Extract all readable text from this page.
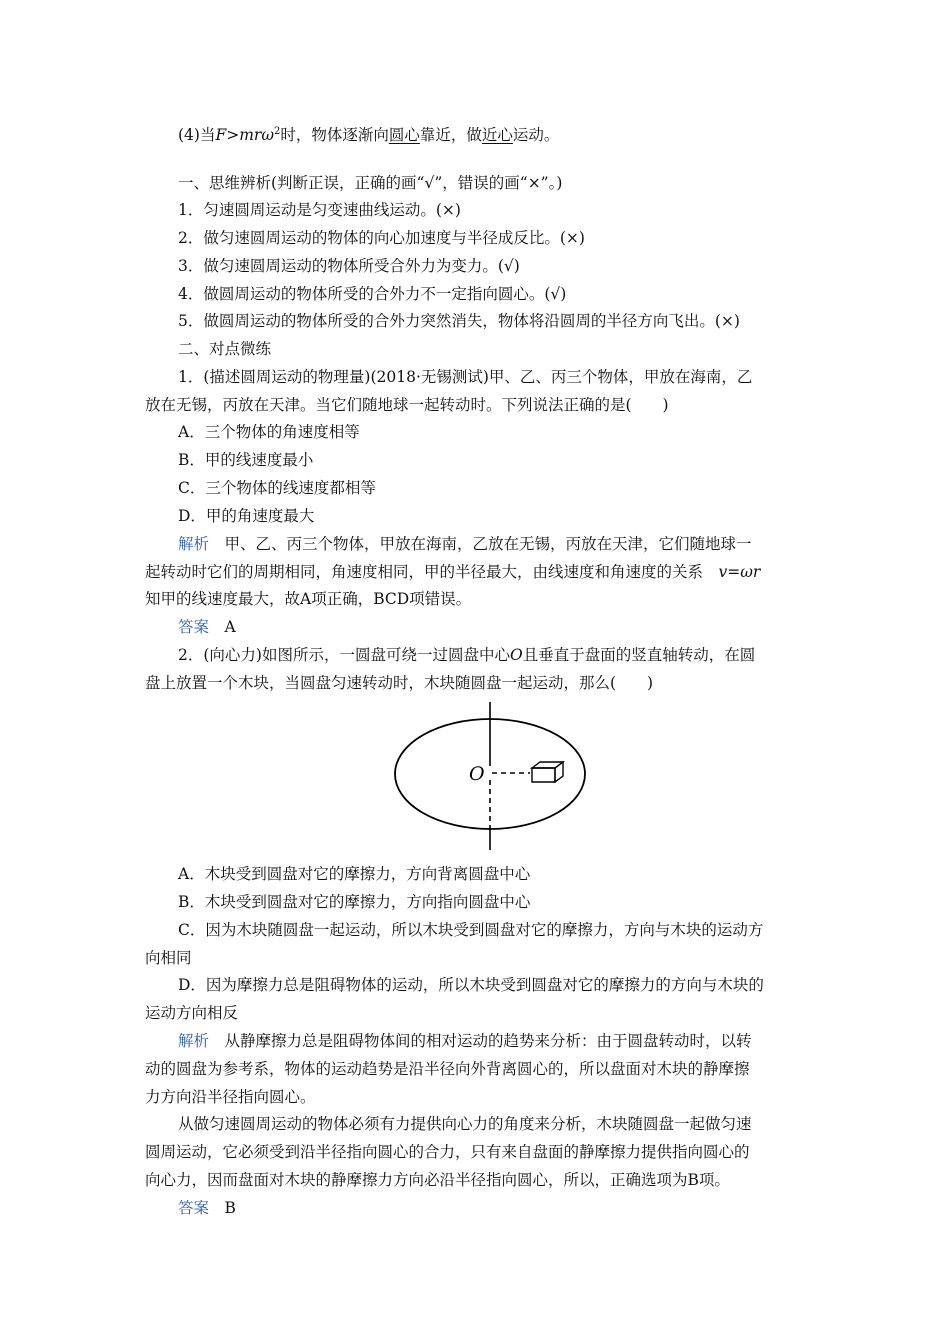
(4)当F>mrω$^2$时，物体逐渐向圆心靠近，做近心运动。
一、思维辨析(判断正误，正确的画“√”，错误的画“×”。)
1．匀速圆周运动是匀变速曲线运动。(×)
2．做匀速圆周运动的物体的向心加速度与半径成反比。(×)
3．做匀速圆周运动的物体所受合外力为变力。(√)
4．做圆周运动的物体所受的合外力不一定指向圆心。(√)
5．做圆周运动的物体所受的合外力突然消失，物体将沿圆周的半径方向飞出。(×)
二、对点微练
1．(描述圆周运动的物理量)(2018·无锡测试)甲、乙、丙三个物体，甲放在海南，乙
放在无锡，丙放在天津。当它们随地球一起转动时。下列说法正确的是(　　)
A．三个物体的角速度相等
B．甲的线速度最小
C．三个物体的线速度都相等
D．甲的角速度最大
解析　 甲、乙、丙三个物体，甲放在海南，乙放在无锡，丙放在天津，它们随地球一
起转动时它们的周期相同，角速度相同，甲的半径最大，由线速度和角速度的关系　 v=ωr
知甲的线速度最大，故A项正确，BCD项错误。
答案　 A
2．(向心力)如图所示，一圆盘可绕一过圆盘中心O且垂直于盘面的竖直轴转动，在圆
盘上放置一个木块，当圆盘匀速转动时，木块随圆盘一起运动，那么(　　)
O
A．木块受到圆盘对它的摩擦力，方向背离圆盘中心
B．木块受到圆盘对它的摩擦力，方向指向圆盘中心
C．因为木块随圆盘一起运动，所以木块受到圆盘对它的摩擦力，方向与木块的运动方
向相同
D．因为摩擦力总是阻碍物体的运动，所以木块受到圆盘对它的摩擦力的方向与木块的
运动方向相反
解析　 从静摩擦力总是阻碍物体间的相对运动的趋势来分析：由于圆盘转动时，以转
动的圆盘为参考系，物体的运动趋势是沿半径向外背离圆心的，所以盘面对木块的静摩擦
力方向沿半径指向圆心。
从做匀速圆周运动的物体必须有力提供向心力的角度来分析，木块随圆盘一起做匀速
圆周运动，它必须受到沿半径指向圆心的合力，只有来自盘面的静摩擦力提供指向圆心的
向心力，因而盘面对木块的静摩擦力方向必沿半径指向圆心，所以，正确选项为B项。
答案　 B
